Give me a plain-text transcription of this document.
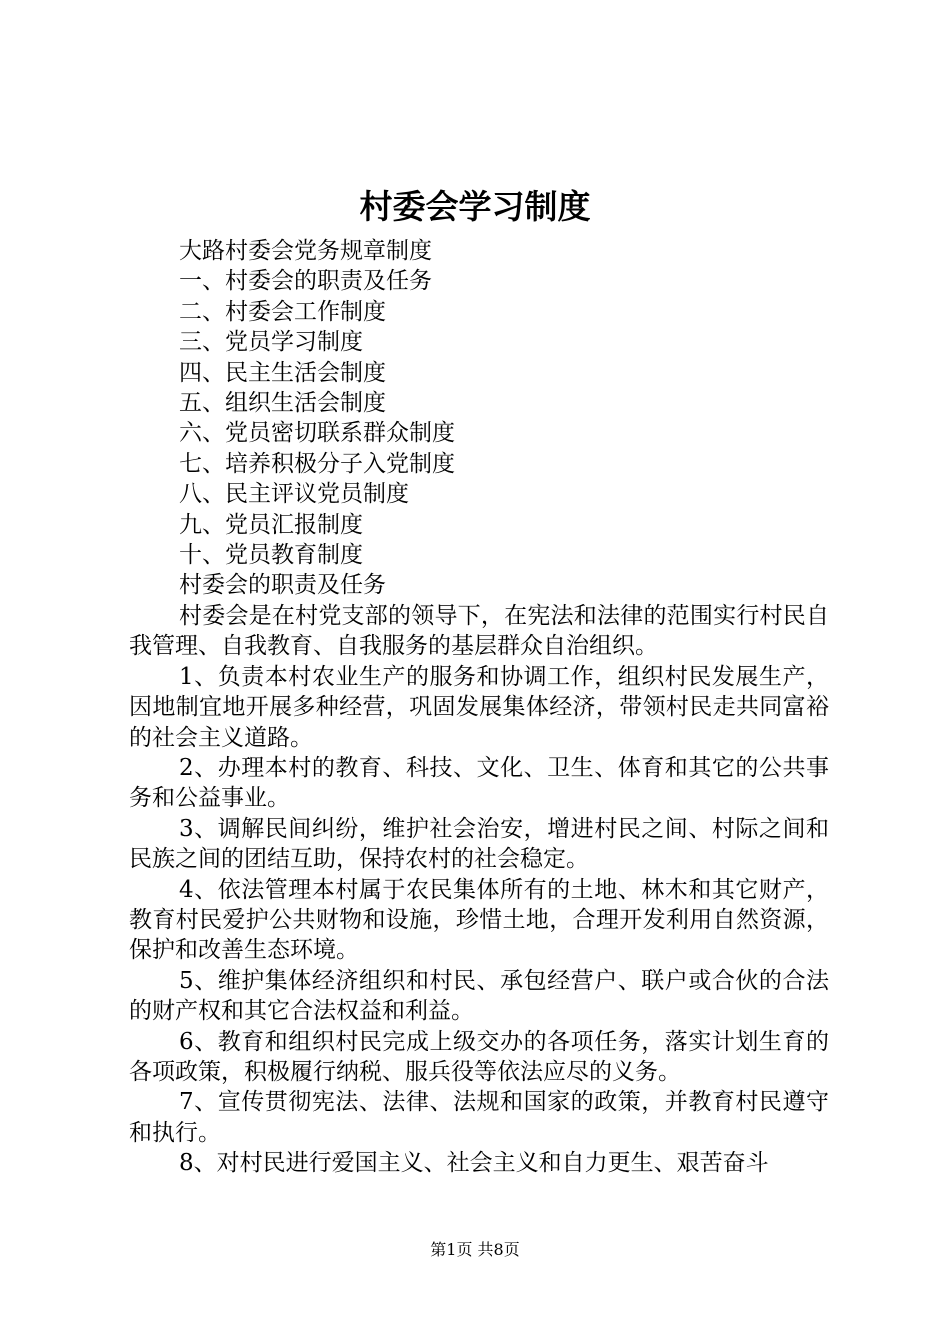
村委会学习制度

大路村委会党务规章制度

一、村委会的职责及任务

二、村委会工作制度

三、党员学习制度

四、民主生活会制度

五、组织生活会制度

六、党员密切联系群众制度

七、培养积极分子入党制度

八、民主评议党员制度

九、党员汇报制度

十、党员教育制度

村委会的职责及任务

村委会是在村党支部的领导下，在宪法和法律的范围实行村民自我管理、自我教育、自我服务的基层群众自治组织。

1、负责本村农业生产的服务和协调工作，组织村民发展生产，因地制宜地开展多种经营，巩固发展集体经济，带领村民走共同富裕的社会主义道路。

2、办理本村的教育、科技、文化、卫生、体育和其它的公共事务和公益事业。

3、调解民间纠纷，维护社会治安，增进村民之间、村际之间和民族之间的团结互助，保持农村的社会稳定。

4、依法管理本村属于农民集体所有的土地、林木和其它财产，教育村民爱护公共财物和设施，珍惜土地，合理开发利用自然资源，保护和改善生态环境。

5、维护集体经济组织和村民、承包经营户、联户或合伙的合法的财产权和其它合法权益和利益。

6、教育和组织村民完成上级交办的各项任务，落实计划生育的各项政策，积极履行纳税、服兵役等依法应尽的义务。

7、宣传贯彻宪法、法律、法规和国家的政策，并教育村民遵守和执行。

8、对村民进行爱国主义、社会主义和自力更生、艰苦奋斗

第1页 共8页
